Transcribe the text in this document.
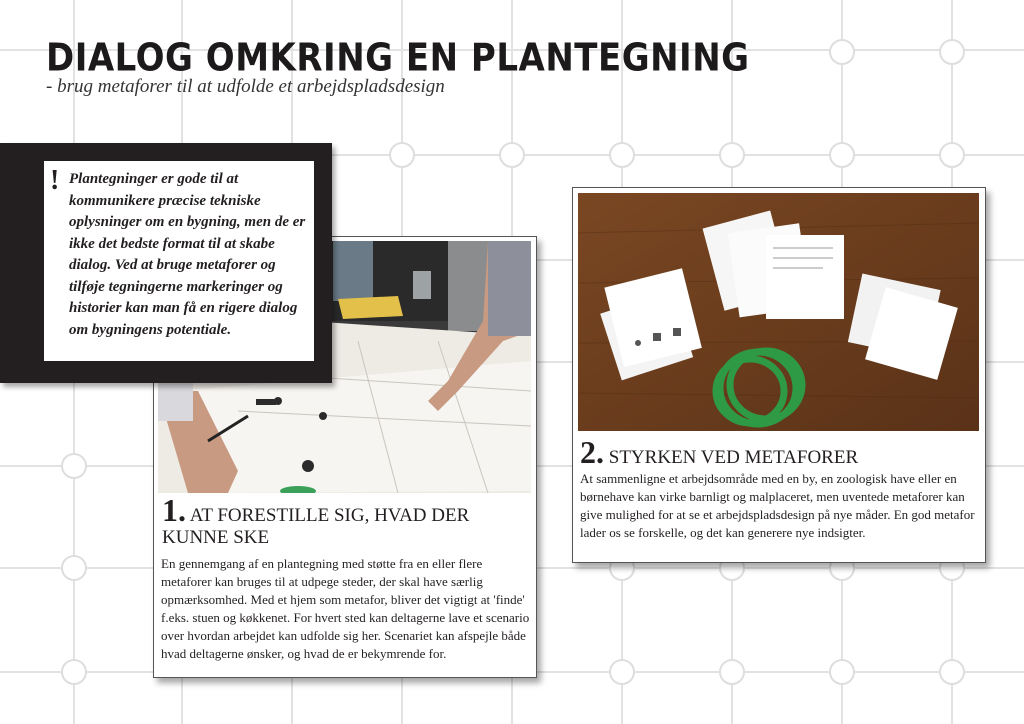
DIALOG OMKRING EN PLANTEGNING
- brug metaforer til at udfolde et arbejdspladsdesign
! Plantegninger er gode til at kommunikere præcise tekniske oplysninger om en bygning, men de er ikke det bedste format til at skabe dialog. Ved at bruge metaforer og tilføje tegningerne markeringer og historier kan man få en rigere dialog om bygningens potentiale.

1. AT FORESTILLE SIG, HVAD DER KUNNE SKE

En gennemgang af en plantegning med støtte fra en eller flere metaforer kan bruges til at udpege steder, der skal have særlig opmærksomhed. Med et hjem som metafor, bliver det vigtigt at 'finde' f.eks. stuen og køkkenet. For hvert sted kan deltagerne lave et scenario over hvordan arbejdet kan udfolde sig her. Scenariet kan afspejle både hvad deltagerne ønsker, og hvad de er bekymrende for.

2. STYRKEN VED METAFORER

At sammenligne et arbejdsområde med en by, en zoologisk have eller en børnehave kan virke barnligt og malplaceret, men uventede metaforer kan give mulighed for at se et arbejdspladsdesign på nye måder. En god metafor lader os se forskelle, og det kan generere nye indsigter.
